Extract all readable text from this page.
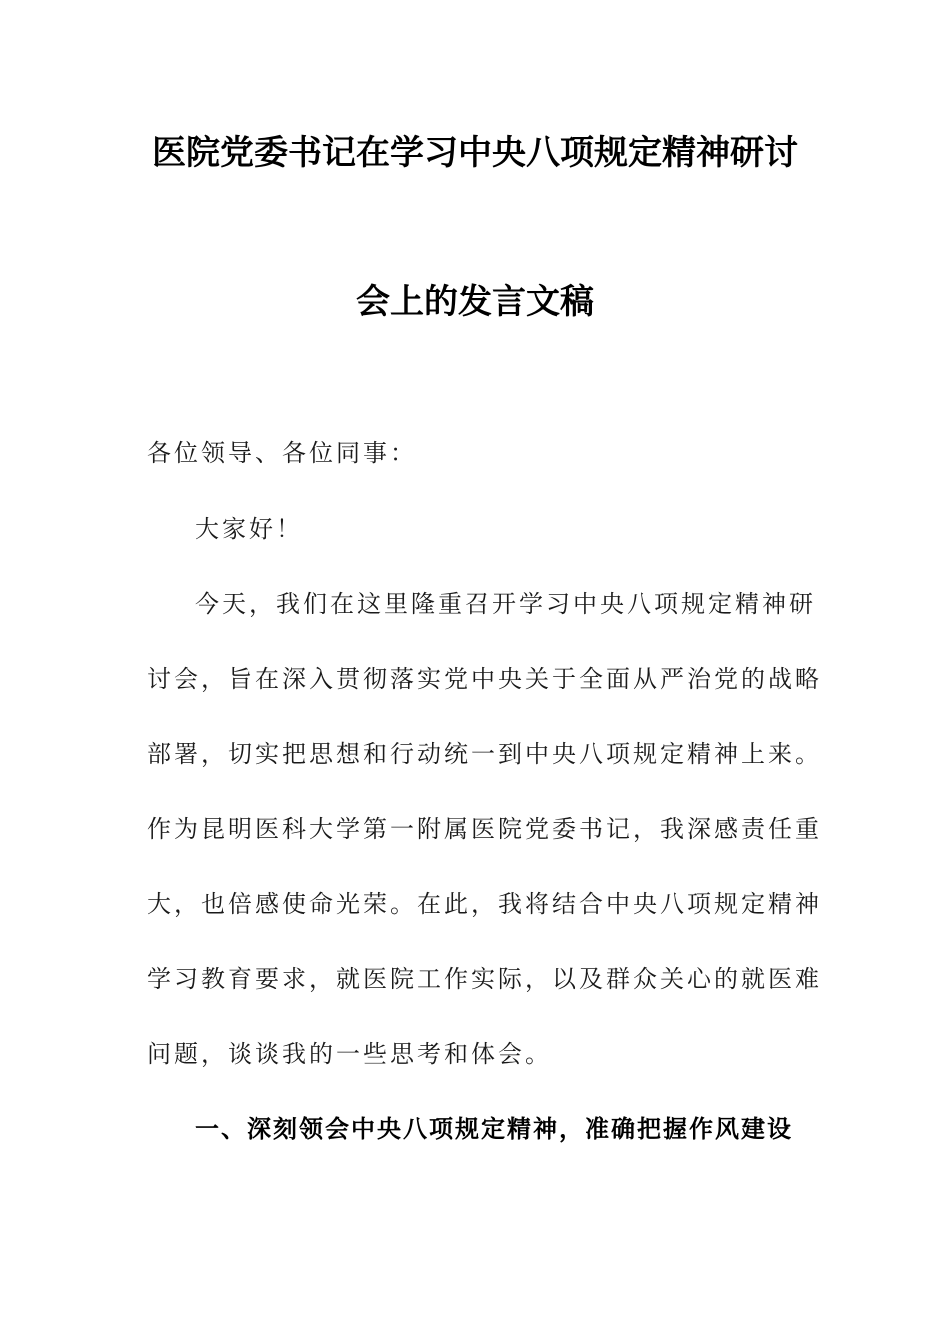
医院党委书记在学习中央八项规定精神研讨
会上的发言文稿
各位领导、各位同事：
大家好！
今天，我们在这里隆重召开学习中央八项规定精神研
讨会，旨在深入贯彻落实党中央关于全面从严治党的战略
部署，切实把思想和行动统一到中央八项规定精神上来。
作为昆明医科大学第一附属医院党委书记，我深感责任重
大，也倍感使命光荣。在此，我将结合中央八项规定精神
学习教育要求，就医院工作实际，以及群众关心的就医难
问题，谈谈我的一些思考和体会。
一、深刻领会中央八项规定精神，准确把握作风建设
